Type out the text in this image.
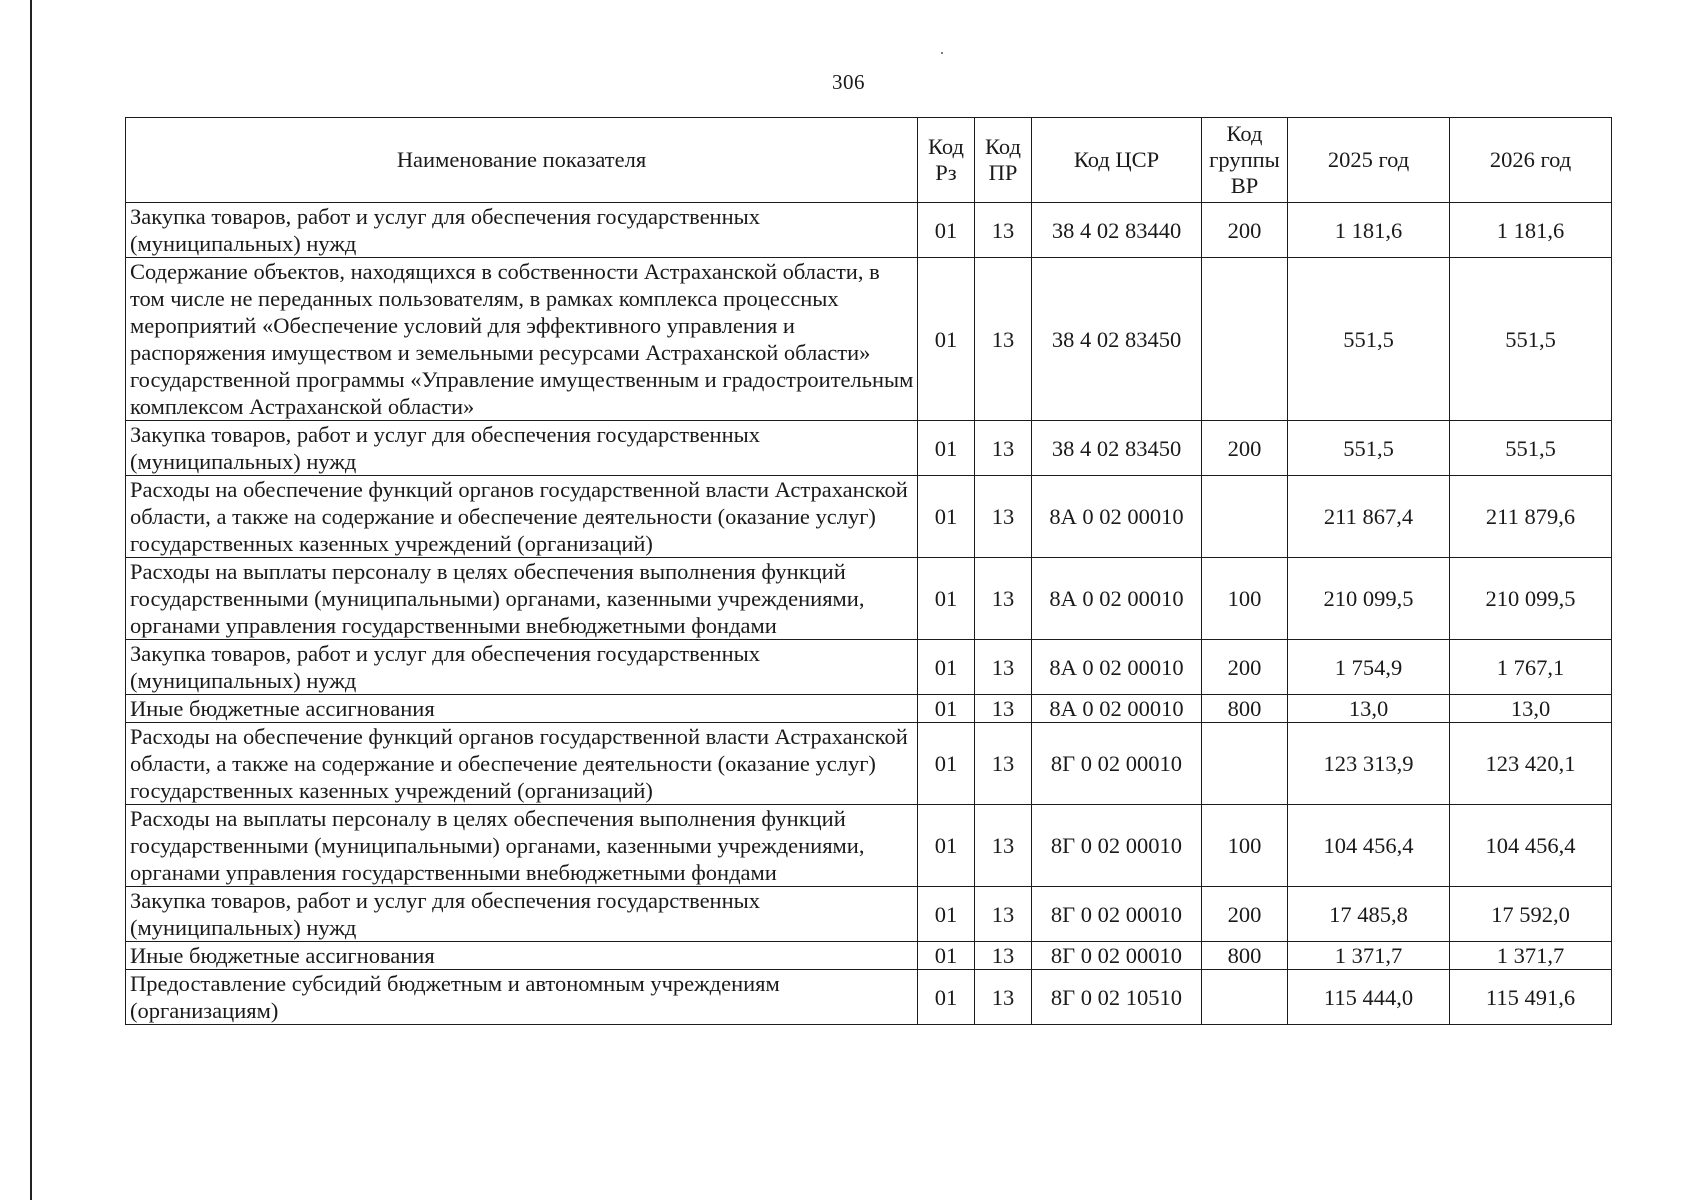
306
Наименование показателя	Код Рз	Код ПР	Код ЦСР	Код группы ВР	2025 год	2026 год
Закупка товаров, работ и услуг для обеспечения государственных (муниципальных) нужд	01	13	38 4 02 83440	200	1 181,6	1 181,6
Содержание объектов, находящихся в собственности Астраханской области, в том числе не переданных пользователям, в рамках комплекса процессных мероприятий «Обеспечение условий для эффективного управления и распоряжения имуществом и земельными ресурсами Астраханской области» государственной программы «Управление имущественным и градостроительным комплексом Астраханской области»	01	13	38 4 02 83450		551,5	551,5
Закупка товаров, работ и услуг для обеспечения государственных (муниципальных) нужд	01	13	38 4 02 83450	200	551,5	551,5
Расходы на обеспечение функций органов государственной власти Астраханской области, а также на содержание и обеспечение деятельности (оказание услуг) государственных казенных учреждений (организаций)	01	13	8А 0 02 00010		211 867,4	211 879,6
Расходы на выплаты персоналу в целях обеспечения выполнения функций государственными (муниципальными) органами, казенными учреждениями, органами управления государственными внебюджетными фондами	01	13	8А 0 02 00010	100	210 099,5	210 099,5
Закупка товаров, работ и услуг для обеспечения государственных (муниципальных) нужд	01	13	8А 0 02 00010	200	1 754,9	1 767,1
Иные бюджетные ассигнования	01	13	8А 0 02 00010	800	13,0	13,0
Расходы на обеспечение функций органов государственной власти Астраханской области, а также на содержание и обеспечение деятельности (оказание услуг) государственных казенных учреждений (организаций)	01	13	8Г 0 02 00010		123 313,9	123 420,1
Расходы на выплаты персоналу в целях обеспечения выполнения функций государственными (муниципальными) органами, казенными учреждениями, органами управления государственными внебюджетными фондами	01	13	8Г 0 02 00010	100	104 456,4	104 456,4
Закупка товаров, работ и услуг для обеспечения государственных (муниципальных) нужд	01	13	8Г 0 02 00010	200	17 485,8	17 592,0
Иные бюджетные ассигнования	01	13	8Г 0 02 00010	800	1 371,7	1 371,7
Предоставление субсидий бюджетным и автономным учреждениям (организациям)	01	13	8Г 0 02 10510		115 444,0	115 491,6
